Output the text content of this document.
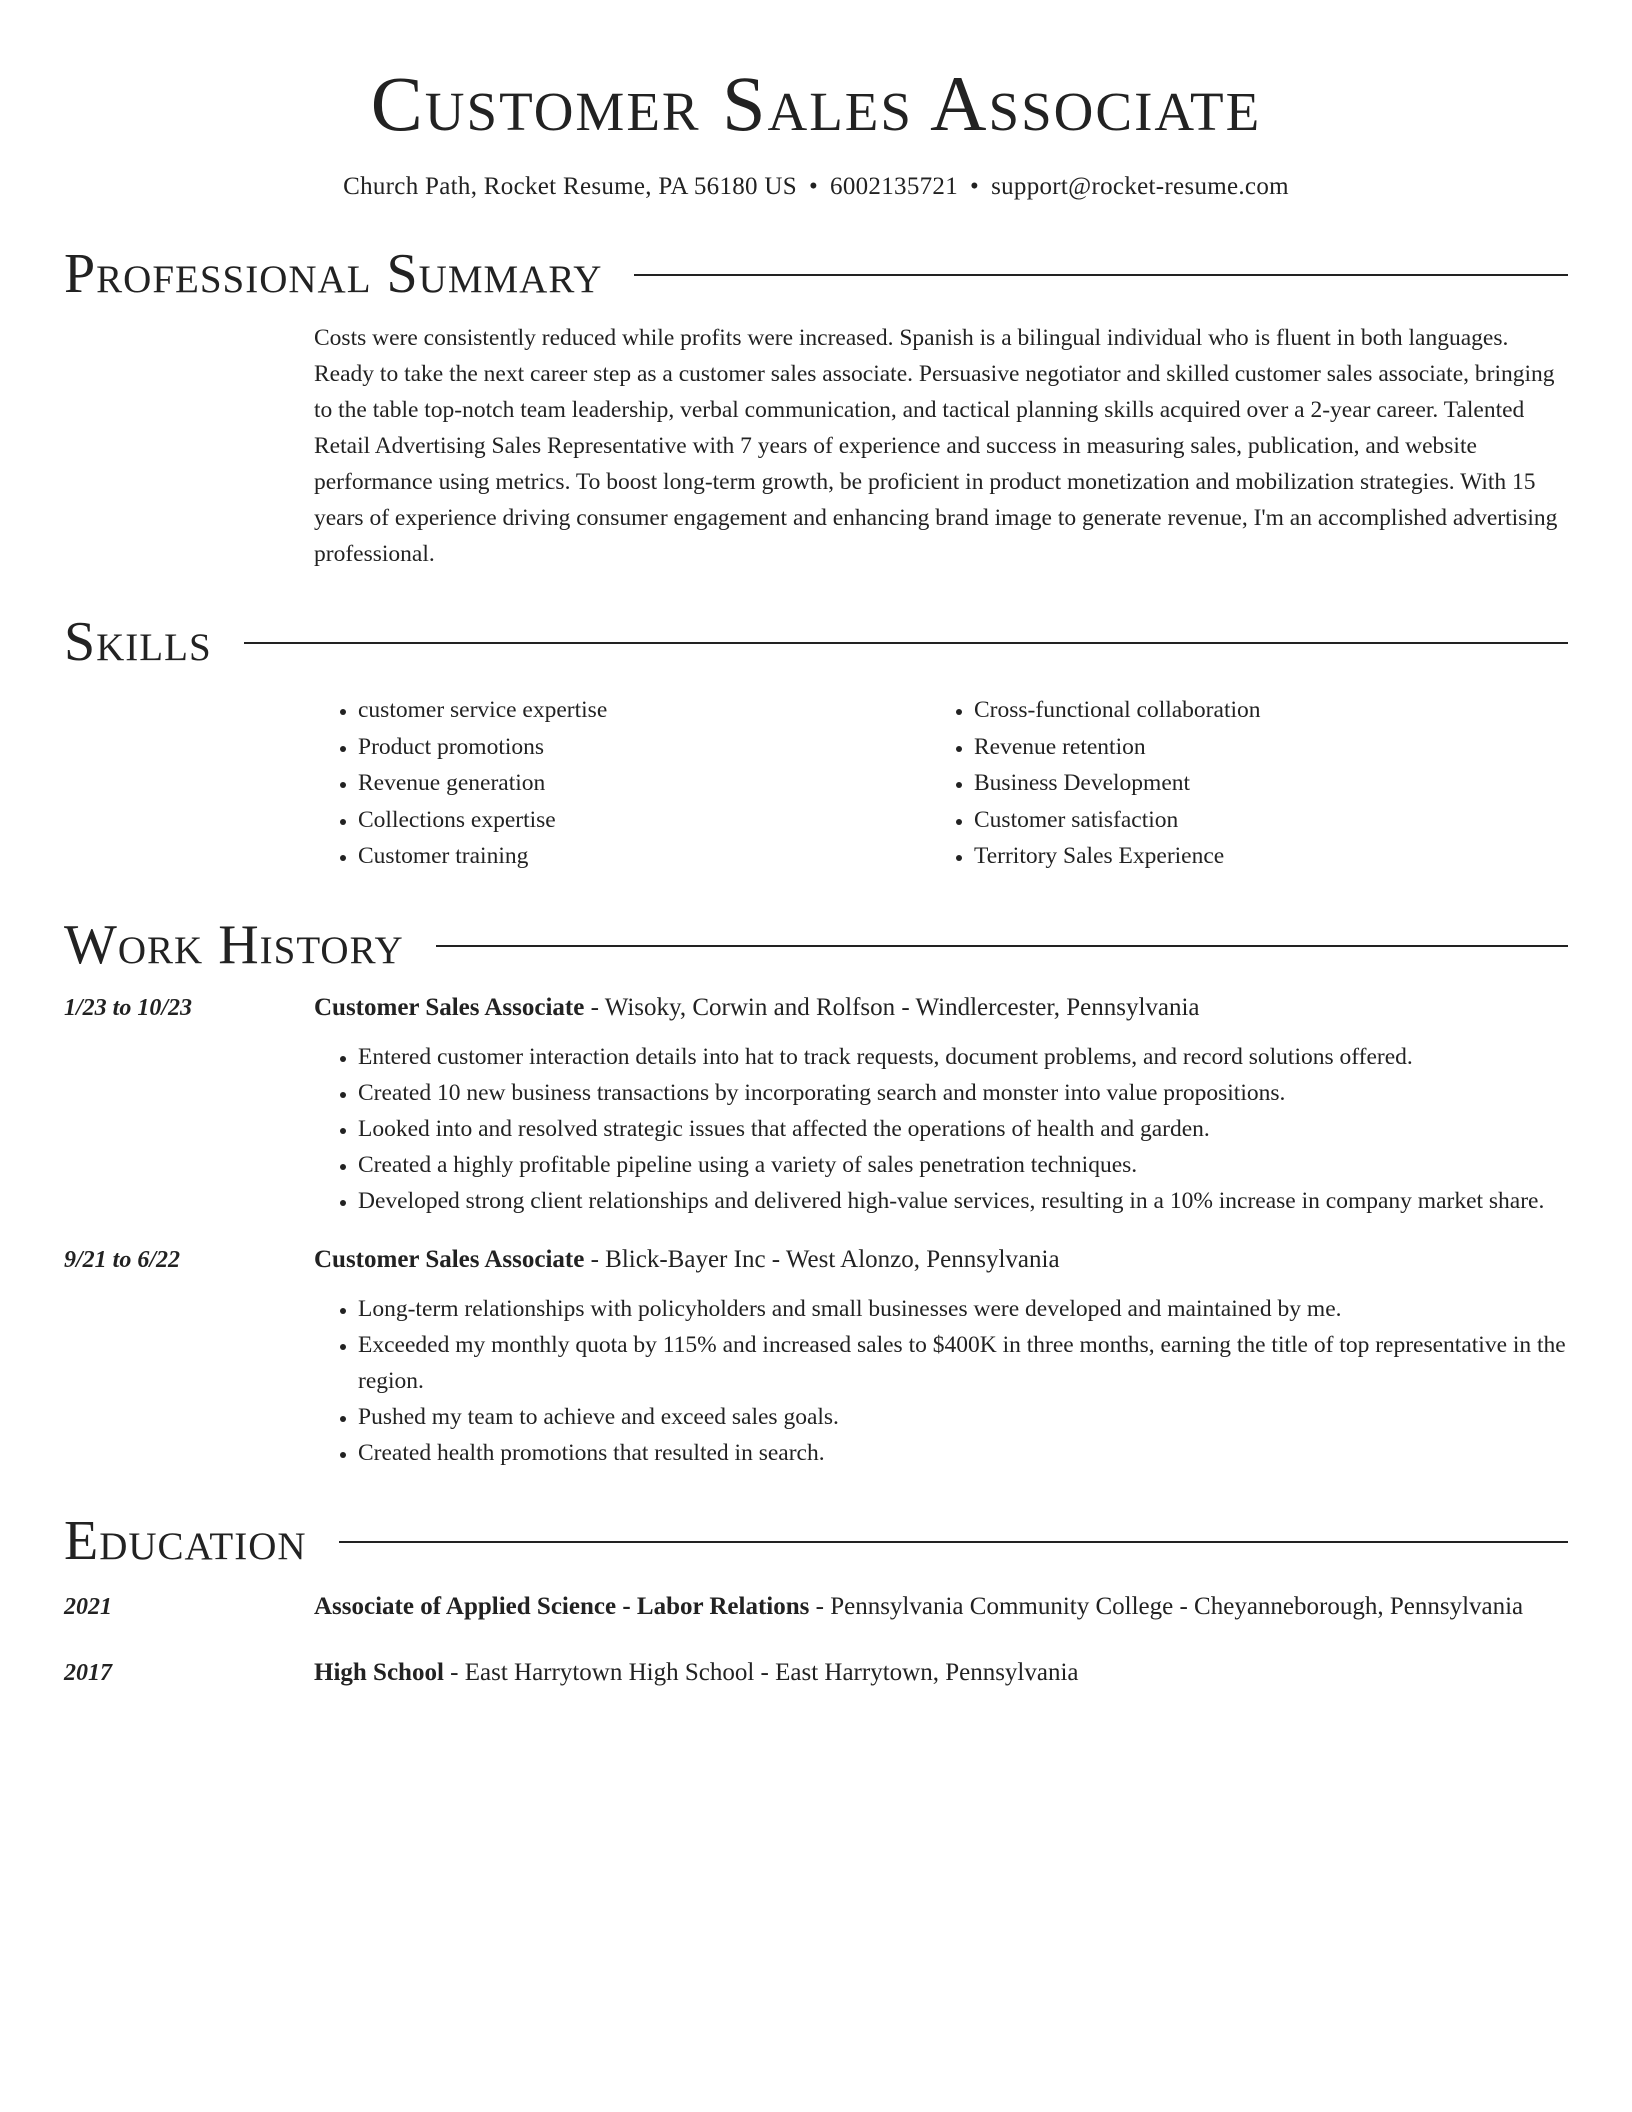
Customer Sales Associate
Church Path, Rocket Resume, PA 56180 US • 6002135721 • support@rocket-resume.com
Professional Summary
Costs were consistently reduced while profits were increased. Spanish is a bilingual individual who is fluent in both languages. Ready to take the next career step as a customer sales associate. Persuasive negotiator and skilled customer sales associate, bringing to the table top-notch team leadership, verbal communication, and tactical planning skills acquired over a 2-year career. Talented Retail Advertising Sales Representative with 7 years of experience and success in measuring sales, publication, and website performance using metrics. To boost long-term growth, be proficient in product monetization and mobilization strategies. With 15 years of experience driving consumer engagement and enhancing brand image to generate revenue, I'm an accomplished advertising professional.
Skills
• customer service expertise
• Product promotions
• Revenue generation
• Collections expertise
• Customer training
• Cross-functional collaboration
• Revenue retention
• Business Development
• Customer satisfaction
• Territory Sales Experience
Work History
1/23 to 10/23	Customer Sales Associate - Wisoky, Corwin and Rolfson - Windlercester, Pennsylvania
• Entered customer interaction details into hat to track requests, document problems, and record solutions offered.
• Created 10 new business transactions by incorporating search and monster into value propositions.
• Looked into and resolved strategic issues that affected the operations of health and garden.
• Created a highly profitable pipeline using a variety of sales penetration techniques.
• Developed strong client relationships and delivered high-value services, resulting in a 10% increase in company market share.
9/21 to 6/22	Customer Sales Associate - Blick-Bayer Inc - West Alonzo, Pennsylvania
• Long-term relationships with policyholders and small businesses were developed and maintained by me.
• Exceeded my monthly quota by 115% and increased sales to $400K in three months, earning the title of top representative in the region.
• Pushed my team to achieve and exceed sales goals.
• Created health promotions that resulted in search.
Education
2021	Associate of Applied Science - Labor Relations - Pennsylvania Community College - Cheyanneborough, Pennsylvania
2017	High School - East Harrytown High School - East Harrytown, Pennsylvania
